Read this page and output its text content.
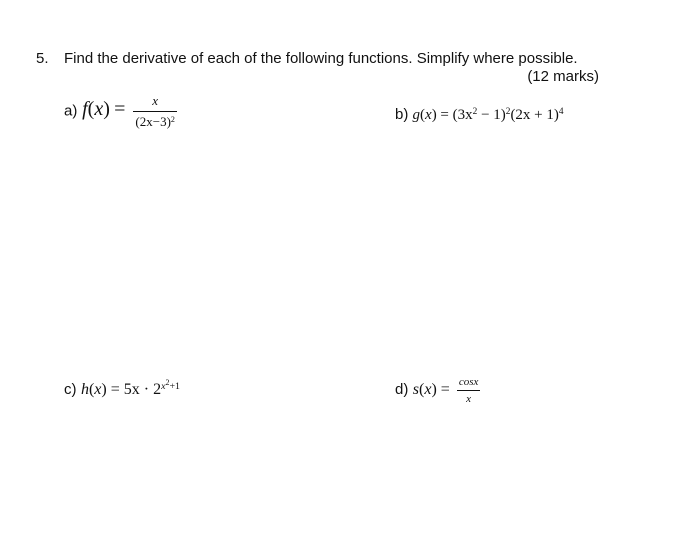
5. Find the derivative of each of the following functions. Simplify where possible.
(12 marks)
a) $f(x) = \frac{x}{(2x-3)^2}$	b) $g(x) = (3x^2 - 1)^2(2x + 1)^4$
c) $h(x) = 5x \cdot 2^{x^2+1}$	d) $s(x) = \frac{\cos x}{x}$
